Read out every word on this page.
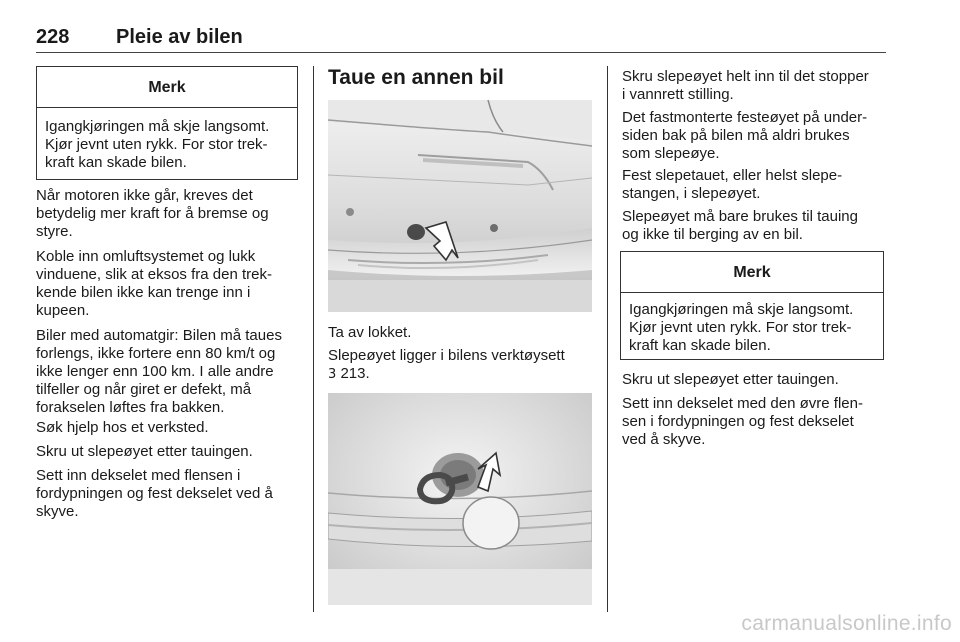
228 Pleie av bilen
Merk

Igangkjøringen må skje langsomt.

Kjør jevnt uten rykk. For stor trek-

kraft kan skade bilen.

Når motoren ikke går, kreves det

betydelig mer kraft for å bremse og

styre.

Koble inn omluftsystemet og lukk

vinduene, slik at eksos fra den trek-

kende bilen ikke kan trenge inn i

kupeen.

Biler med automatgir: Bilen må taues

forlengs, ikke fortere enn 80 km/t og

ikke lenger enn 100 km. I alle andre

tilfeller og når giret er defekt, må

forakselen løftes fra bakken.

Søk hjelp hos et verksted.

Skru ut slepeøyet etter tauingen.

Sett inn dekselet med flensen i

fordypningen og fest dekselet ved å

skyve.

Taue en annen bil

Ta av lokket.

Slepeøyet ligger i bilens verktøysett

3 213.

Skru slepeøyet helt inn til det stopper

i vannrett stilling.

Det fastmonterte festeøyet på under-

siden bak på bilen må aldri brukes

som slepeøye.

Fest slepetauet, eller helst slepe-

stangen, i slepeøyet.

Slepeøyet må bare brukes til tauing

og ikke til berging av en bil.

Merk

Igangkjøringen må skje langsomt.

Kjør jevnt uten rykk. For stor trek-

kraft kan skade bilen.

Skru ut slepeøyet etter tauingen.

Sett inn dekselet med den øvre flen-

sen i fordypningen og fest dekselet

ved å skyve.

carmanualsonline.info
